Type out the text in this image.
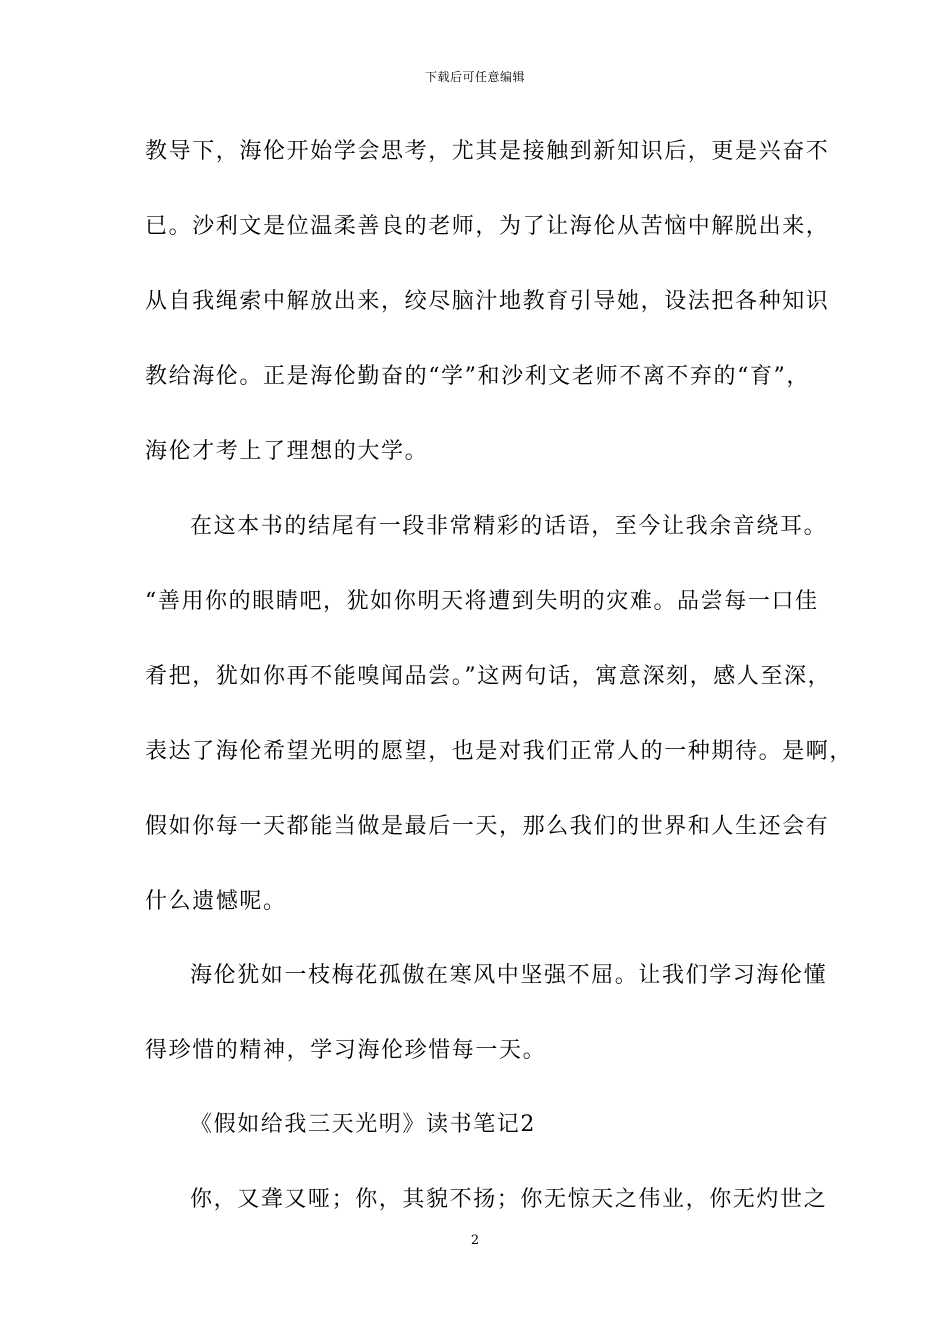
下载后可任意编辑
教导下，海伦开始学会思考，尤其是接触到新知识后，更是兴奋不
已。沙利文是位温柔善良的老师，为了让海伦从苦恼中解脱出来，
从自我绳索中解放出来，绞尽脑汁地教育引导她，设法把各种知识
教给海伦。正是海伦勤奋的“学”和沙利文老师不离不弃的“育”，
海伦才考上了理想的大学。
在这本书的结尾有一段非常精彩的话语，至今让我余音绕耳。
“善用你的眼睛吧，犹如你明天将遭到失明的灾难。品尝每一口佳
肴把，犹如你再不能嗅闻品尝。”这两句话，寓意深刻，感人至深，
表达了海伦希望光明的愿望，也是对我们正常人的一种期待。是啊，
假如你每一天都能当做是最后一天，那么我们的世界和人生还会有
什么遗憾呢。
海伦犹如一枝梅花孤傲在寒风中坚强不屈。让我们学习海伦懂
得珍惜的精神，学习海伦珍惜每一天。
《假如给我三天光明》读书笔记2
你，又聋又哑；你，其貌不扬；你无惊天之伟业，你无灼世之
2
